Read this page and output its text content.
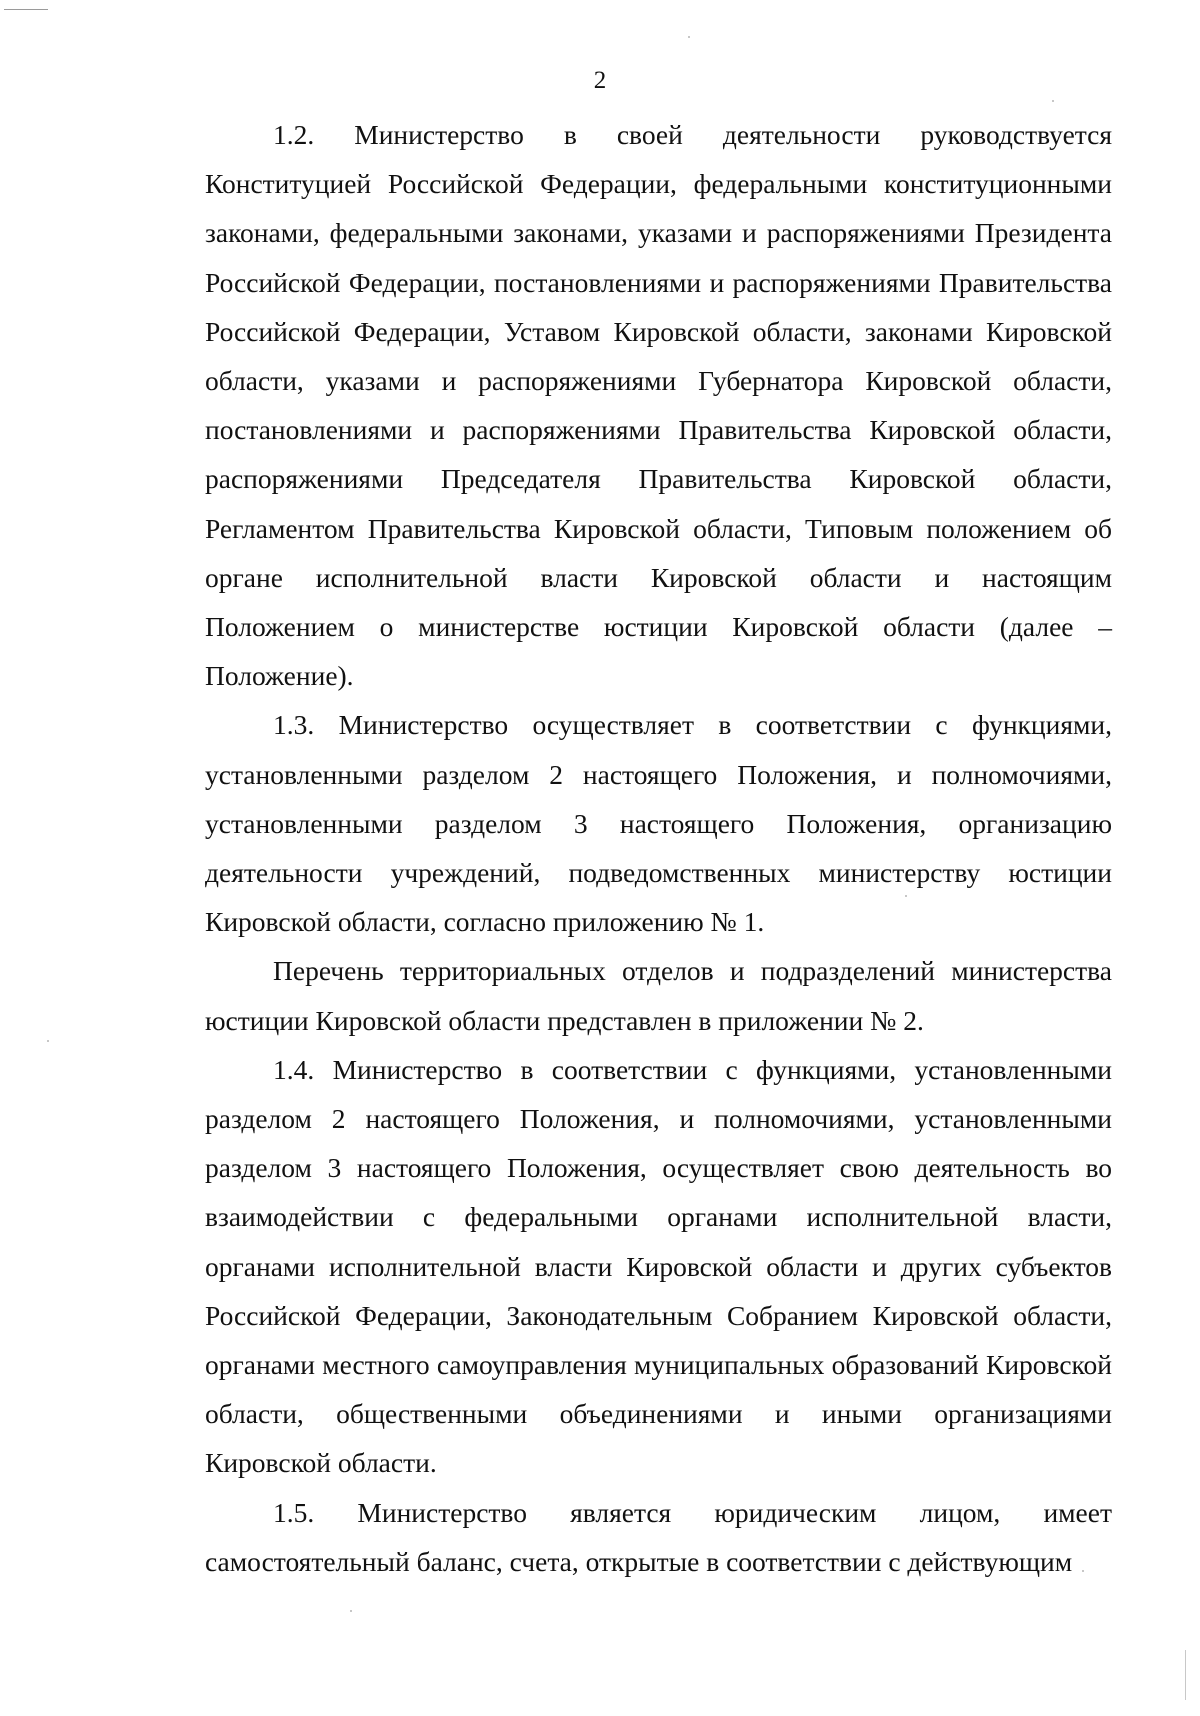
2

1.2. Министерство в своей деятельности руководствуется Конституцией Российской Федерации, федеральными конституционными законами, федеральными законами, указами и распоряжениями Президента Российской Федерации, постановлениями и распоряжениями Правительства Российской Федерации, Уставом Кировской области, законами Кировской области, указами и распоряжениями Губернатора Кировской области, постановлениями и распоряжениями Правительства Кировской области, распоряжениями Председателя Правительства Кировской области, Регламентом Правительства Кировской области, Типовым положением об органе исполнительной власти Кировской области и настоящим Положением о министерстве юстиции Кировской области (далее – Положение).

1.3. Министерство осуществляет в соответствии с функциями, установленными разделом 2 настоящего Положения, и полномочиями, установленными разделом 3 настоящего Положения, организацию деятельности учреждений, подведомственных министерству юстиции Кировской области, согласно приложению № 1.

Перечень территориальных отделов и подразделений министерства юстиции Кировской области представлен в приложении № 2.

1.4. Министерство в соответствии с функциями, установленными разделом 2 настоящего Положения, и полномочиями, установленными разделом 3 настоящего Положения, осуществляет свою деятельность во взаимодействии с федеральными органами исполнительной власти, органами исполнительной власти Кировской области и других субъектов Российской Федерации, Законодательным Собранием Кировской области, органами местного самоуправления муниципальных образований Кировской области, общественными объединениями и иными организациями Кировской области.

1.5. Министерство является юридическим лицом, имеет самостоятельный баланс, счета, открытые в соответствии с действующим
